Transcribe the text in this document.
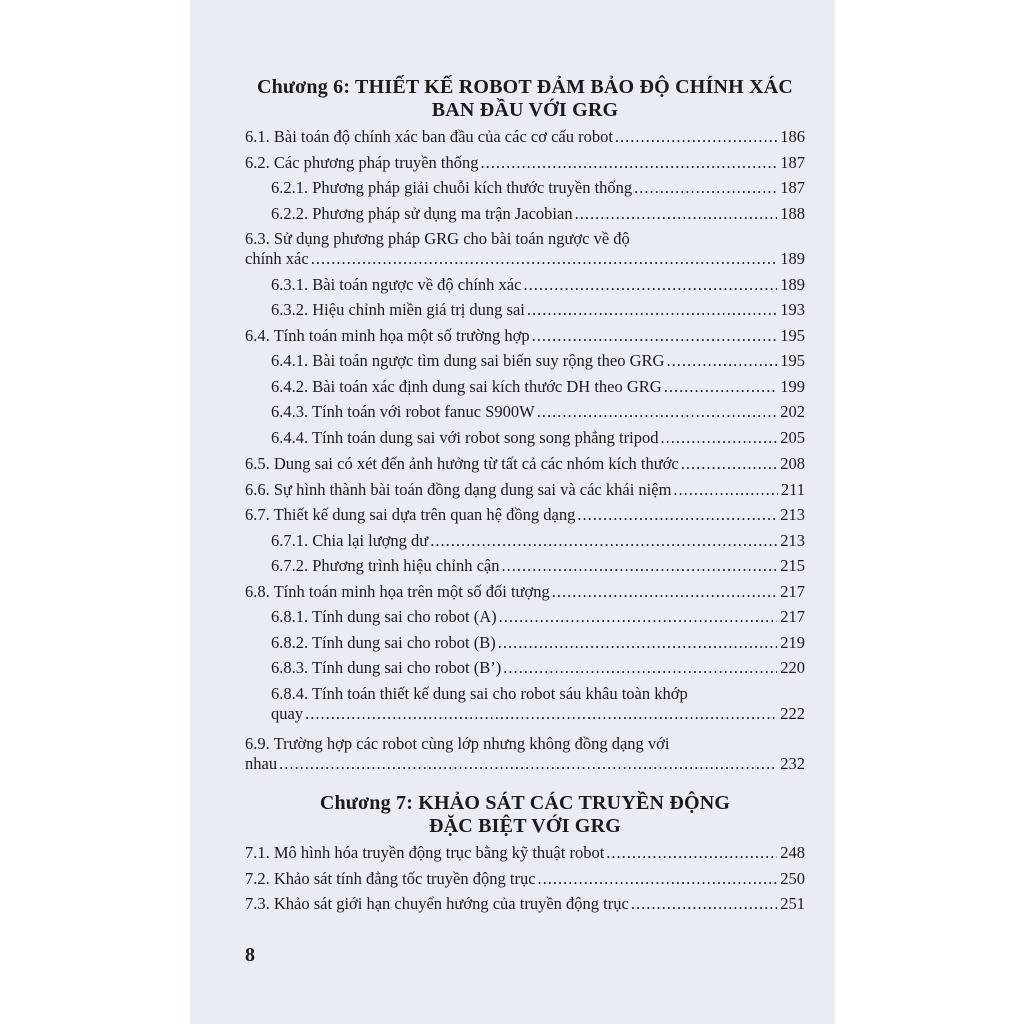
Chương 6: THIẾT KẾ ROBOT ĐẢM BẢO ĐỘ CHÍNH XÁC
BAN ĐẦU VỚI GRG
6.1. Bài toán độ chính xác ban đầu của các cơ cấu robot .....	186
6.2. Các phương pháp truyền thống .....	187
6.2.1. Phương pháp giải chuỗi kích thước truyền thống .....	187
6.2.2. Phương pháp sử dụng ma trận Jacobian .....	188
6.3. Sử dụng phương pháp GRG cho bài toán ngược về độ
chính xác .....	189
6.3.1. Bài toán ngược về độ chính xác .....	189
6.3.2. Hiệu chỉnh miền giá trị dung sai .....	193
6.4. Tính toán minh họa một số trường hợp .....	195
6.4.1. Bài toán ngược tìm dung sai biến suy rộng theo GRG .....	195
6.4.2. Bài toán xác định dung sai kích thước DH theo GRG .....	199
6.4.3. Tính toán với robot fanuc S900W .....	202
6.4.4. Tính toán dung sai với robot song song phẳng tripod .....	205
6.5. Dung sai có xét đến ảnh hưởng từ tất cả các nhóm kích thước .....	208
6.6. Sự hình thành bài toán đồng dạng dung sai và các khái niệm .....	211
6.7. Thiết kế dung sai dựa trên quan hệ đồng dạng .....	213
6.7.1. Chia lại lượng dư .....	213
6.7.2. Phương trình hiệu chỉnh cận .....	215
6.8. Tính toán minh họa trên một số đối tượng .....	217
6.8.1. Tính dung sai cho robot (A) .....	217
6.8.2. Tính dung sai cho robot (B) .....	219
6.8.3. Tính dung sai cho robot (B’) .....	220
6.8.4. Tính toán thiết kế dung sai cho robot sáu khâu toàn khớp
quay .....	222
6.9. Trường hợp các robot cùng lớp nhưng không đồng dạng với
nhau .....	232
Chương 7: KHẢO SÁT CÁC TRUYỀN ĐỘNG
ĐẶC BIỆT VỚI GRG
7.1. Mô hình hóa truyền động trục bằng kỹ thuật robot .....	248
7.2. Khảo sát tính đẳng tốc truyền động trục .....	250
7.3. Khảo sát giới hạn chuyển hướng của truyền động trục .....	251
8
